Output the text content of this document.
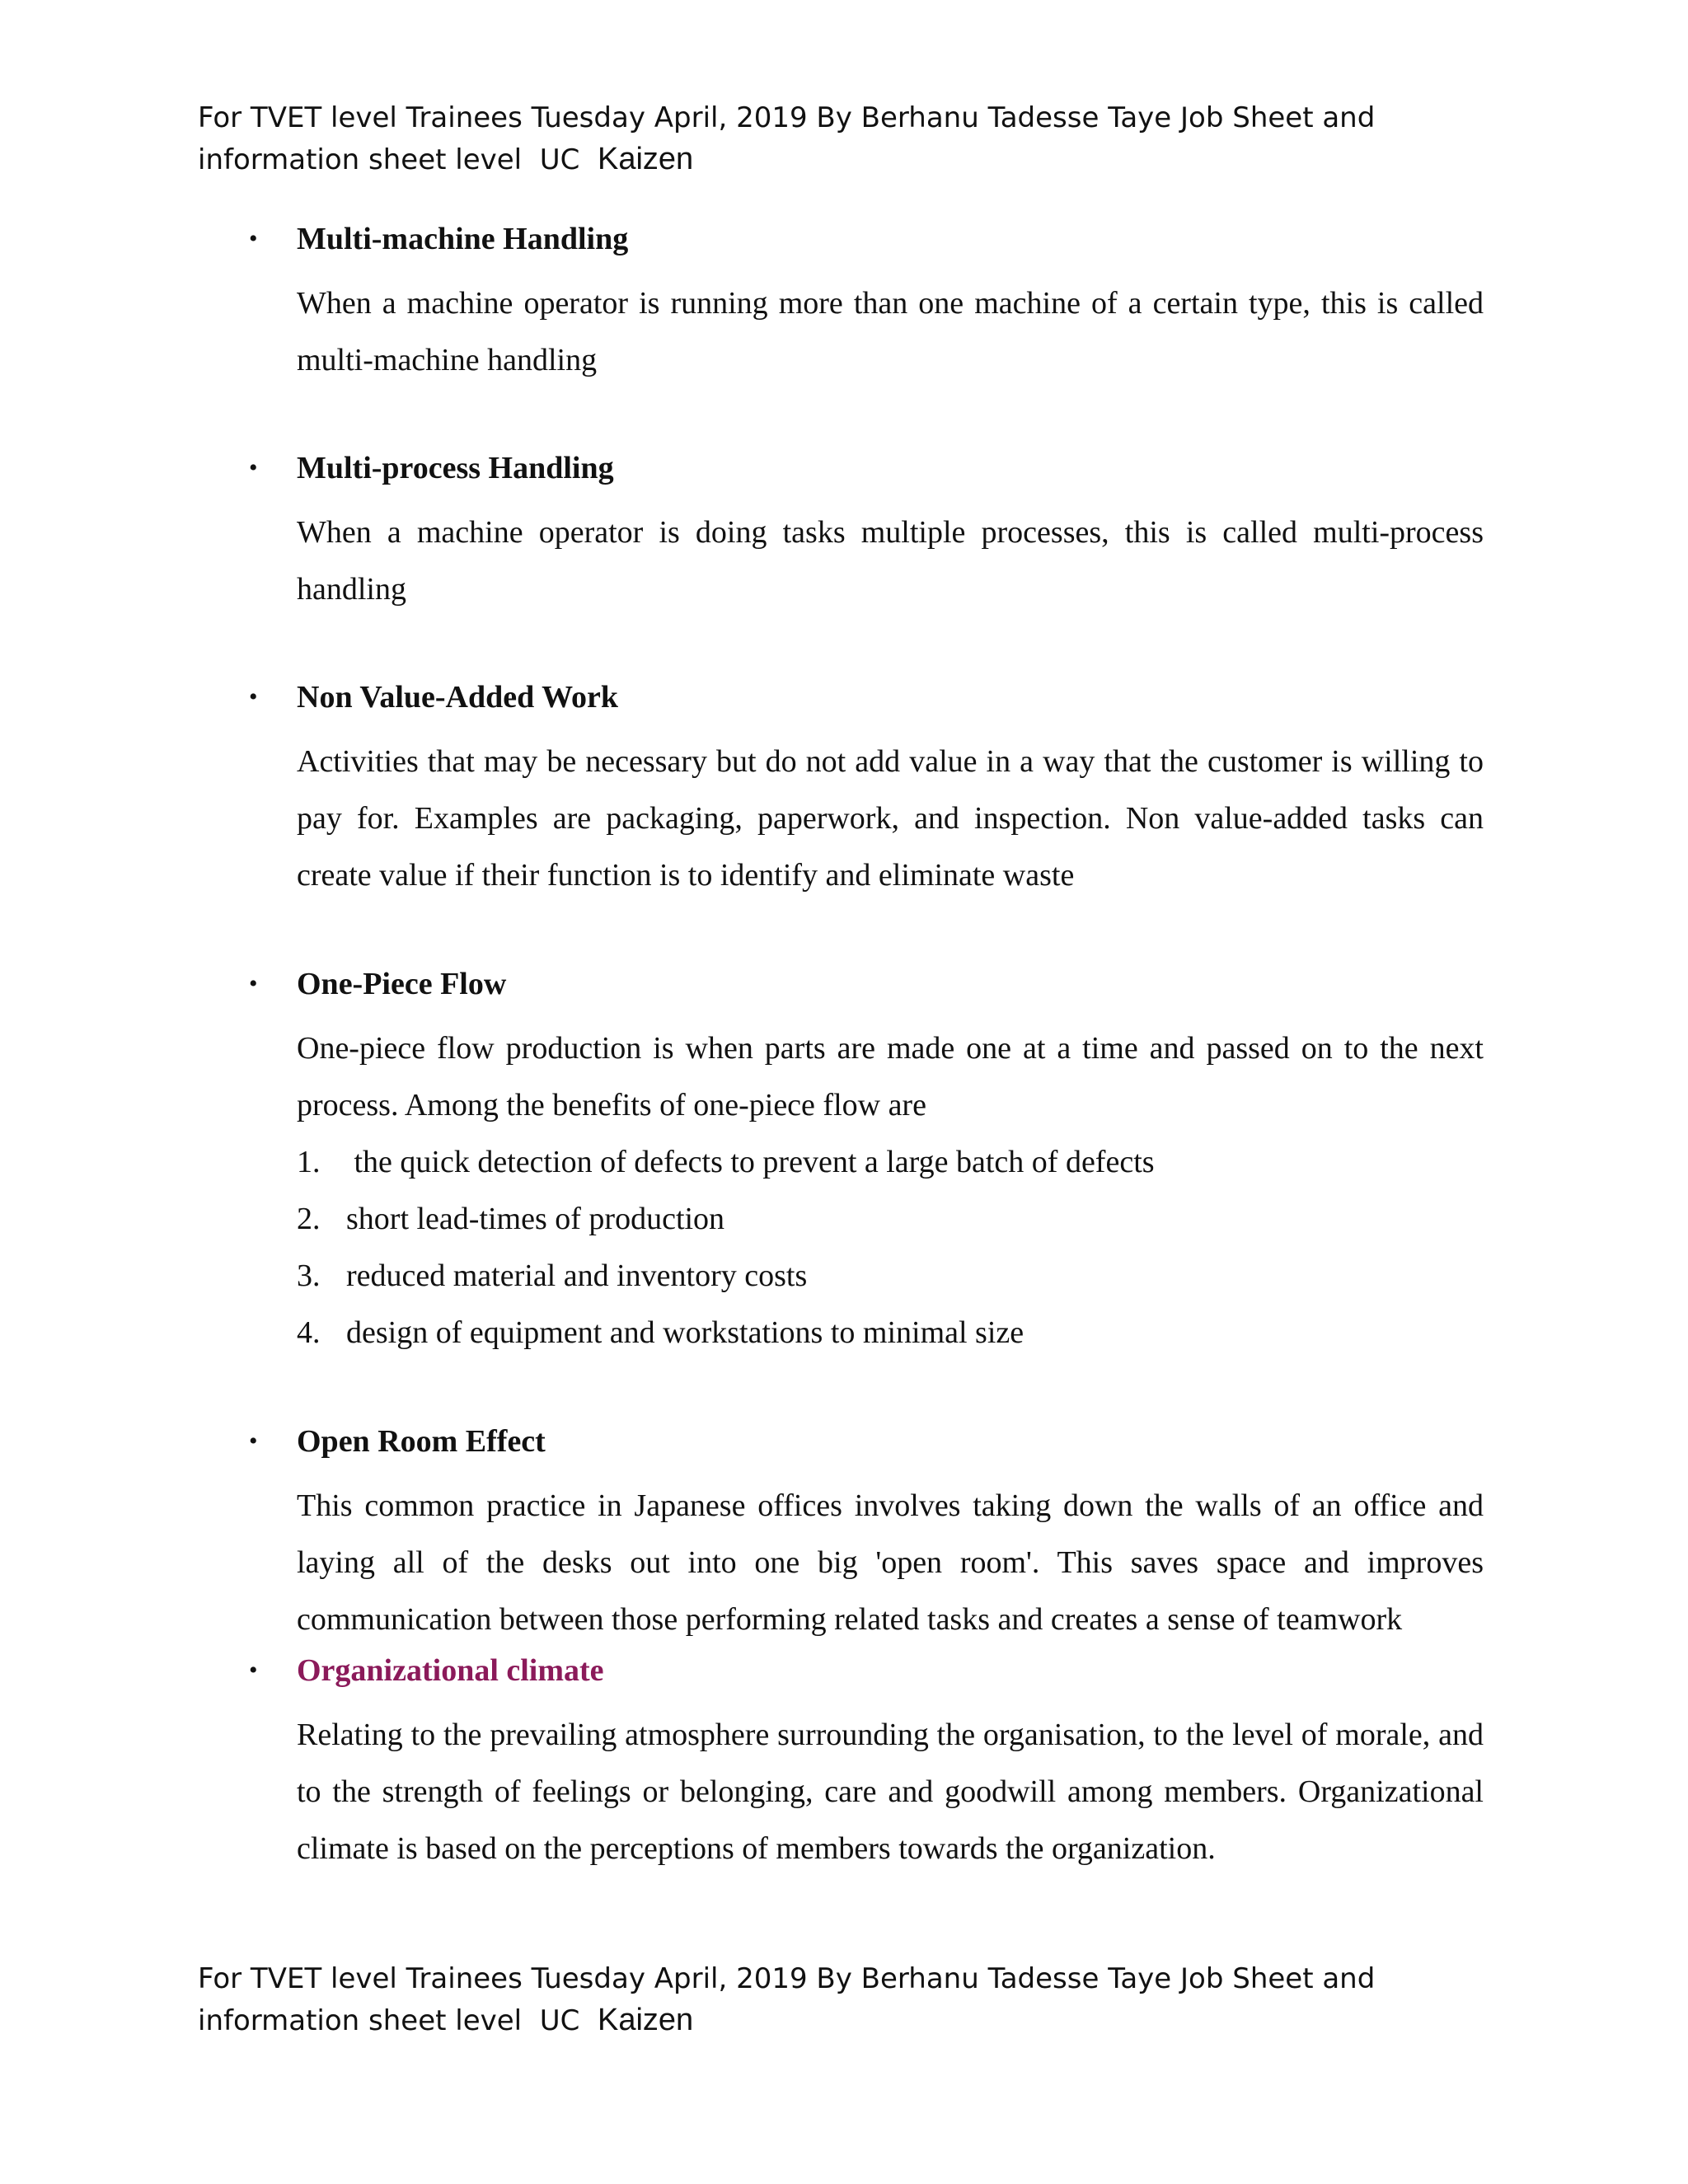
For TVET level Trainees Tuesday April, 2019 By Berhanu Tadesse Taye Job Sheet and
information sheet level  UC  Kaizen
• Multi-machine Handling
When a machine operator is running more than one machine of a certain type, this is called multi-machine handling
• Multi-process Handling
When a machine operator is doing tasks multiple processes, this is called multi-process handling
• Non Value-Added Work
Activities that may be necessary but do not add value in a way that the customer is willing to pay for. Examples are packaging, paperwork, and inspection. Non value-added tasks can create value if their function is to identify and eliminate waste
• One-Piece Flow
One-piece flow production is when parts are made one at a time and passed on to the next process. Among the benefits of one-piece flow are
1. the quick detection of defects to prevent a large batch of defects
2. short lead-times of production
3. reduced material and inventory costs
4. design of equipment and workstations to minimal size
• Open Room Effect
This common practice in Japanese offices involves taking down the walls of an office and laying all of the desks out into one big 'open room'. This saves space and improves communication between those performing related tasks and creates a sense of teamwork
• Organizational climate
Relating to the prevailing atmosphere surrounding the organisation, to the level of morale, and to the strength of feelings or belonging, care and goodwill among members. Organizational climate is based on the perceptions of members towards the organization.
For TVET level Trainees Tuesday April, 2019 By Berhanu Tadesse Taye Job Sheet and
information sheet level  UC  Kaizen
